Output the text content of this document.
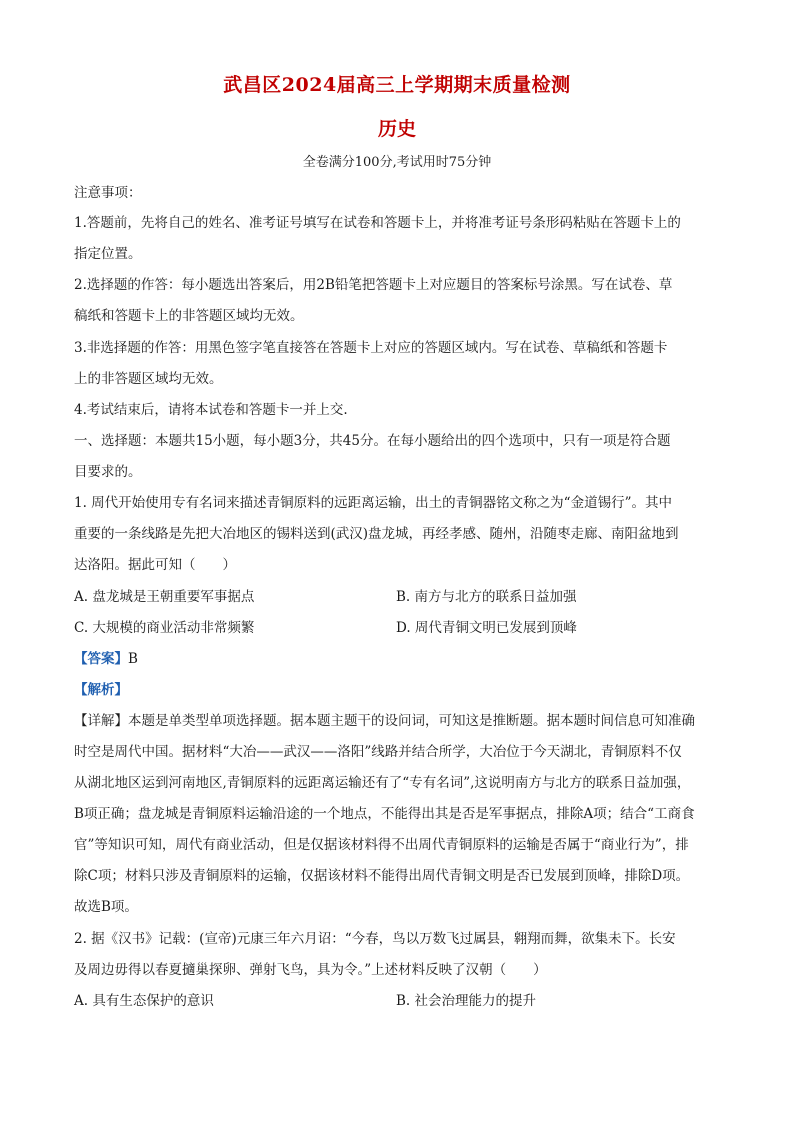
武昌区2024届高三上学期期末质量检测
历史
全卷满分100分,考试用时75分钟
注意事项：
1.答题前，先将自己的姓名、准考证号填写在试卷和答题卡上，并将准考证号条形码粘贴在答题卡上的
指定位置。
2.选择题的作答：每小题选出答案后，用2B铅笔把答题卡上对应题目的答案标号涂黑。写在试卷、草
稿纸和答题卡上的非答题区域均无效。
3.非选择题的作答：用黑色签字笔直接答在答题卡上对应的答题区域内。写在试卷、草稿纸和答题卡
上的非答题区域均无效。
4.考试结束后，请将本试卷和答题卡一并上交.
一、选择题：本题共15小题，每小题3分，共45分。在每小题给出的四个选项中，只有一项是符合题
目要求的。
1. 周代开始使用专有名词来描述青铜原料的远距离运输，出土的青铜器铭文称之为“金道锡行”。其中
重要的一条线路是先把大冶地区的锡料送到(武汉)盘龙城，再经孝感、随州，沿随枣走廊、南阳盆地到
达洛阳。据此可知（　　）
A. 盘龙城是王朝重要军事据点	B. 南方与北方的联系日益加强
C. 大规模的商业活动非常频繁	D. 周代青铜文明已发展到顶峰
【答案】B
【解析】
【详解】本题是单类型单项选择题。据本题主题干的设问词，可知这是推断题。据本题时间信息可知准确
时空是周代中国。据材料“大冶——武汉——洛阳”线路并结合所学，大冶位于今天湖北，青铜原料不仅
从湖北地区运到河南地区,青铜原料的远距离运输还有了“专有名词”,这说明南方与北方的联系日益加强，
B项正确；盘龙城是青铜原料运输沿途的一个地点，不能得出其是否是军事据点，排除A项；结合“工商食
官”等知识可知，周代有商业活动，但是仅据该材料得不出周代青铜原料的运输是否属于“商业行为”，排
除C项；材料只涉及青铜原料的运输，仅据该材料不能得出周代青铜文明是否已发展到顶峰，排除D项。
故选B项。
2. 据《汉书》记载：(宣帝)元康三年六月诏：“今春，鸟以万数飞过属县，翱翔而舞，欲集未下。长安
及周边毋得以春夏擿巢探卵、弹射飞鸟，具为令。”上述材料反映了汉朝（　　）
A. 具有生态保护的意识	B. 社会治理能力的提升
